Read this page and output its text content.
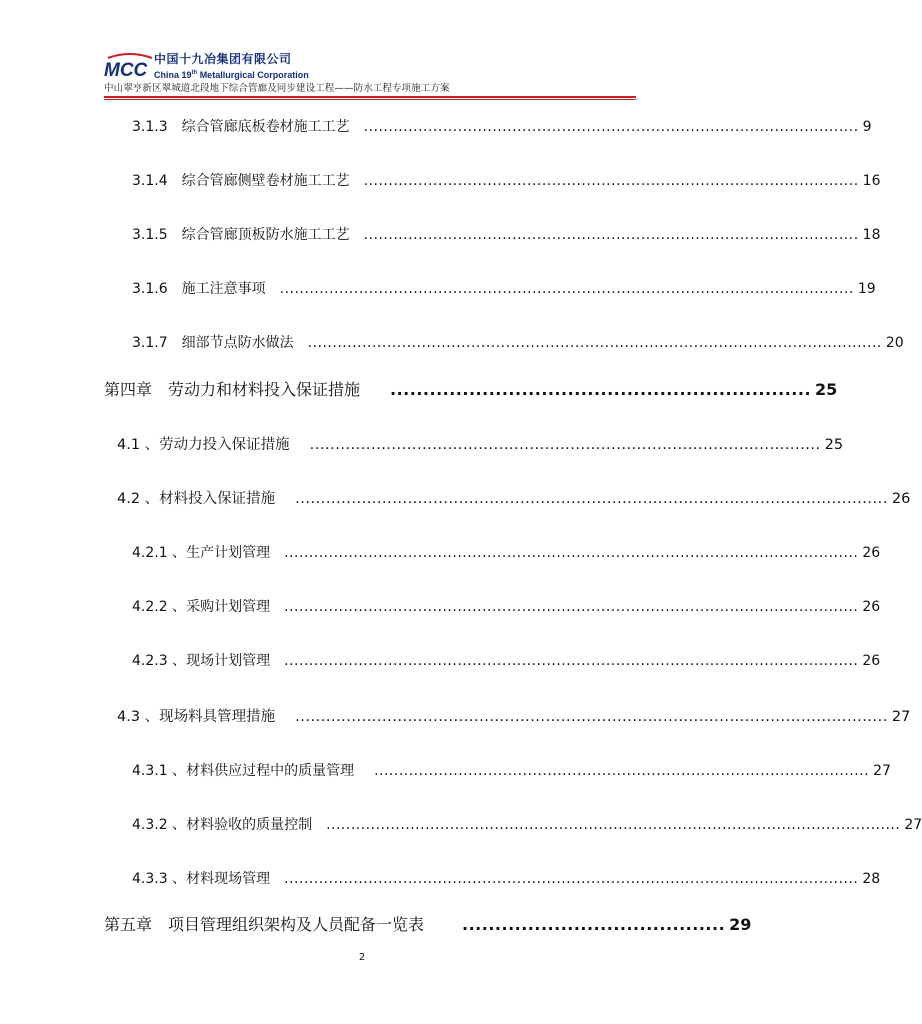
MCC
中国十九冶集团有限公司
China 19th Metallurgical Corporation
中山翠亨新区翠城道北段地下综合管廊及同步建设工程——防水工程专项施工方案
3.1.3　综合管廊底板卷材施工工艺 .................................................................................................... 9
3.1.4　综合管廊侧壁卷材施工工艺 .................................................................................................... 16
3.1.5　综合管廊顶板防水施工工艺 .................................................................................................... 18
3.1.6　施工注意事项 .................................................................................................................... 19
3.1.7　细部节点防水做法 .................................................................................................................... 20
第四章　劳动力和材料投入保证措施 ................................................................ 25
4.1 、劳动力投入保证措施 .................................................................................................... 25
4.2 、材料投入保证措施 .................................................................................................................... 26
4.2.1 、生产计划管理 .................................................................................................................... 26
4.2.2 、采购计划管理 .................................................................................................................... 26
4.2.3 、现场计划管理 .................................................................................................................... 26
4.3 、现场料具管理措施 .................................................................................................................... 27
4.3.1 、材料供应过程中的质量管理 .................................................................................................... 27
4.3.2 、材料验收的质量控制 .................................................................................................................... 27
4.3.3 、材料现场管理 .................................................................................................................... 28
第五章　项目管理组织架构及人员配备一览表 ........................................ 29
2
